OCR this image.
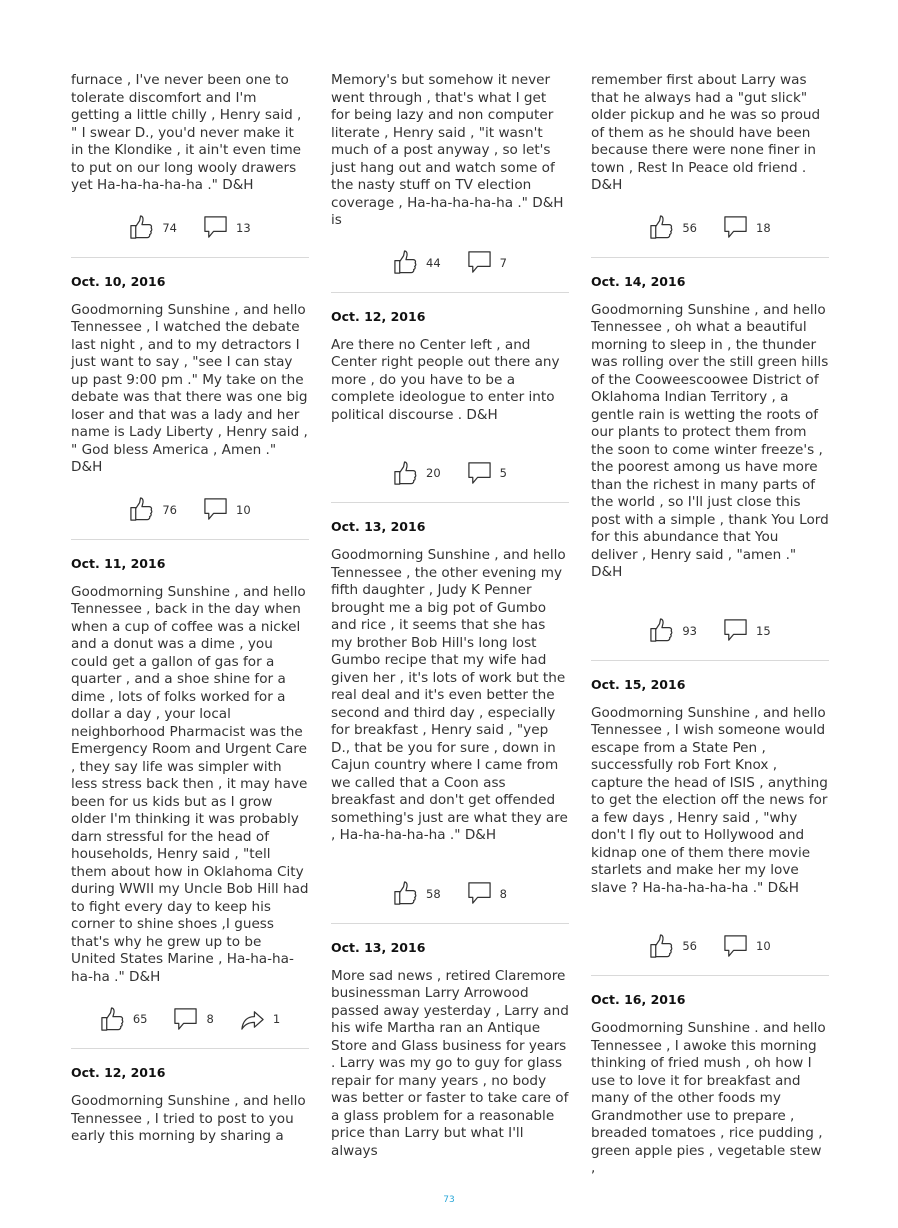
furnace , I've never been one to tolerate discomfort and I'm getting a little chilly , Henry said , " I swear D., you'd never make it in the Klondike , it ain't even time to put on our long wooly drawers yet Ha-ha-ha-ha-ha ." D&H

74	13

Oct. 10, 2016

Goodmorning Sunshine , and hello Tennessee , I watched the debate last night , and to my detractors I just want to say , "see I can stay up past 9:00 pm ." My take on the debate was that there was one big loser and that was a lady and her name is Lady Liberty , Henry said , " God bless America , Amen ." D&H

76	10

Oct. 11, 2016

Goodmorning Sunshine , and hello Tennessee , back in the day when when a cup of coffee was a nickel and a donut was a dime , you could get a gallon of gas for a quarter , and a shoe shine for a dime , lots of folks worked for a dollar a day , your local neighborhood Pharmacist was the Emergency Room and Urgent Care , they say life was simpler with less stress back then , it may have been for us kids but as I grow older I'm thinking it was probably darn stressful for the head of households, Henry said , "tell them about how in Oklahoma City during WWII my Uncle Bob Hill had to fight every day to keep his corner to shine shoes ,I guess that's why he grew up to be United States Marine , Ha-ha-ha-ha-ha ." D&H

65	8	1

Oct. 12, 2016

Goodmorning Sunshine , and hello Tennessee , I tried to post to you early this morning by sharing a

Memory's but somehow it never went through , that's what I get for being lazy and non computer literate , Henry said , "it wasn't much of a post anyway , so let's just hang out and watch some of the nasty stuff on TV election coverage , Ha-ha-ha-ha-ha ." D&H is

44	7

Oct. 12, 2016

Are there no Center left , and Center right people out there any more , do you have to be a complete ideologue to enter into political discourse . D&H

20	5

Oct. 13, 2016

Goodmorning Sunshine , and hello Tennessee , the other evening my fifth daughter , Judy K Penner brought me a big pot of Gumbo and rice , it seems that she has my brother Bob Hill's long lost Gumbo recipe that my wife had given her , it's lots of work but the real deal and it's even better the second and third day , especially for breakfast , Henry said , "yep D., that be you for sure , down in Cajun country where I came from we called that a Coon ass breakfast and don't get offended something's just are what they are , Ha-ha-ha-ha-ha ." D&H

58	8

Oct. 13, 2016

More sad news , retired Claremore businessman Larry Arrowood passed away yesterday , Larry and his wife Martha ran an Antique Store and Glass business for years . Larry was my go to guy for glass repair for many years , no body was better or faster to take care of a glass problem for a reasonable price than Larry but what I'll always

remember first about Larry was that he always had a "gut slick" older pickup and he was so proud of them as he should have been because there were none finer in town , Rest In Peace old friend . D&H

56	18

Oct. 14, 2016

Goodmorning Sunshine , and hello Tennessee , oh what a beautiful morning to sleep in , the thunder was rolling over the still green hills of the Cooweescoowee District of Oklahoma Indian Territory , a gentle rain is wetting the roots of our plants to protect them from the soon to come winter freeze's , the poorest among us have more than the richest in many parts of the world , so I'll just close this post with a simple , thank You Lord for this abundance that You deliver , Henry said , "amen ." D&H

93	15

Oct. 15, 2016

Goodmorning Sunshine , and hello Tennessee , I wish someone would escape from a State Pen , successfully rob Fort Knox , capture the head of ISIS , anything to get the election off the news for a few days , Henry said , "why don't I fly out to Hollywood and kidnap one of them there movie starlets and make her my love slave ? Ha-ha-ha-ha-ha ." D&H

56	10

Oct. 16, 2016

Goodmorning Sunshine . and hello Tennessee , I awoke this morning thinking of fried mush , oh how I use to love it for breakfast and many of the other foods my Grandmother use to prepare , breaded tomatoes , rice pudding , green apple pies , vegetable stew ,

73
